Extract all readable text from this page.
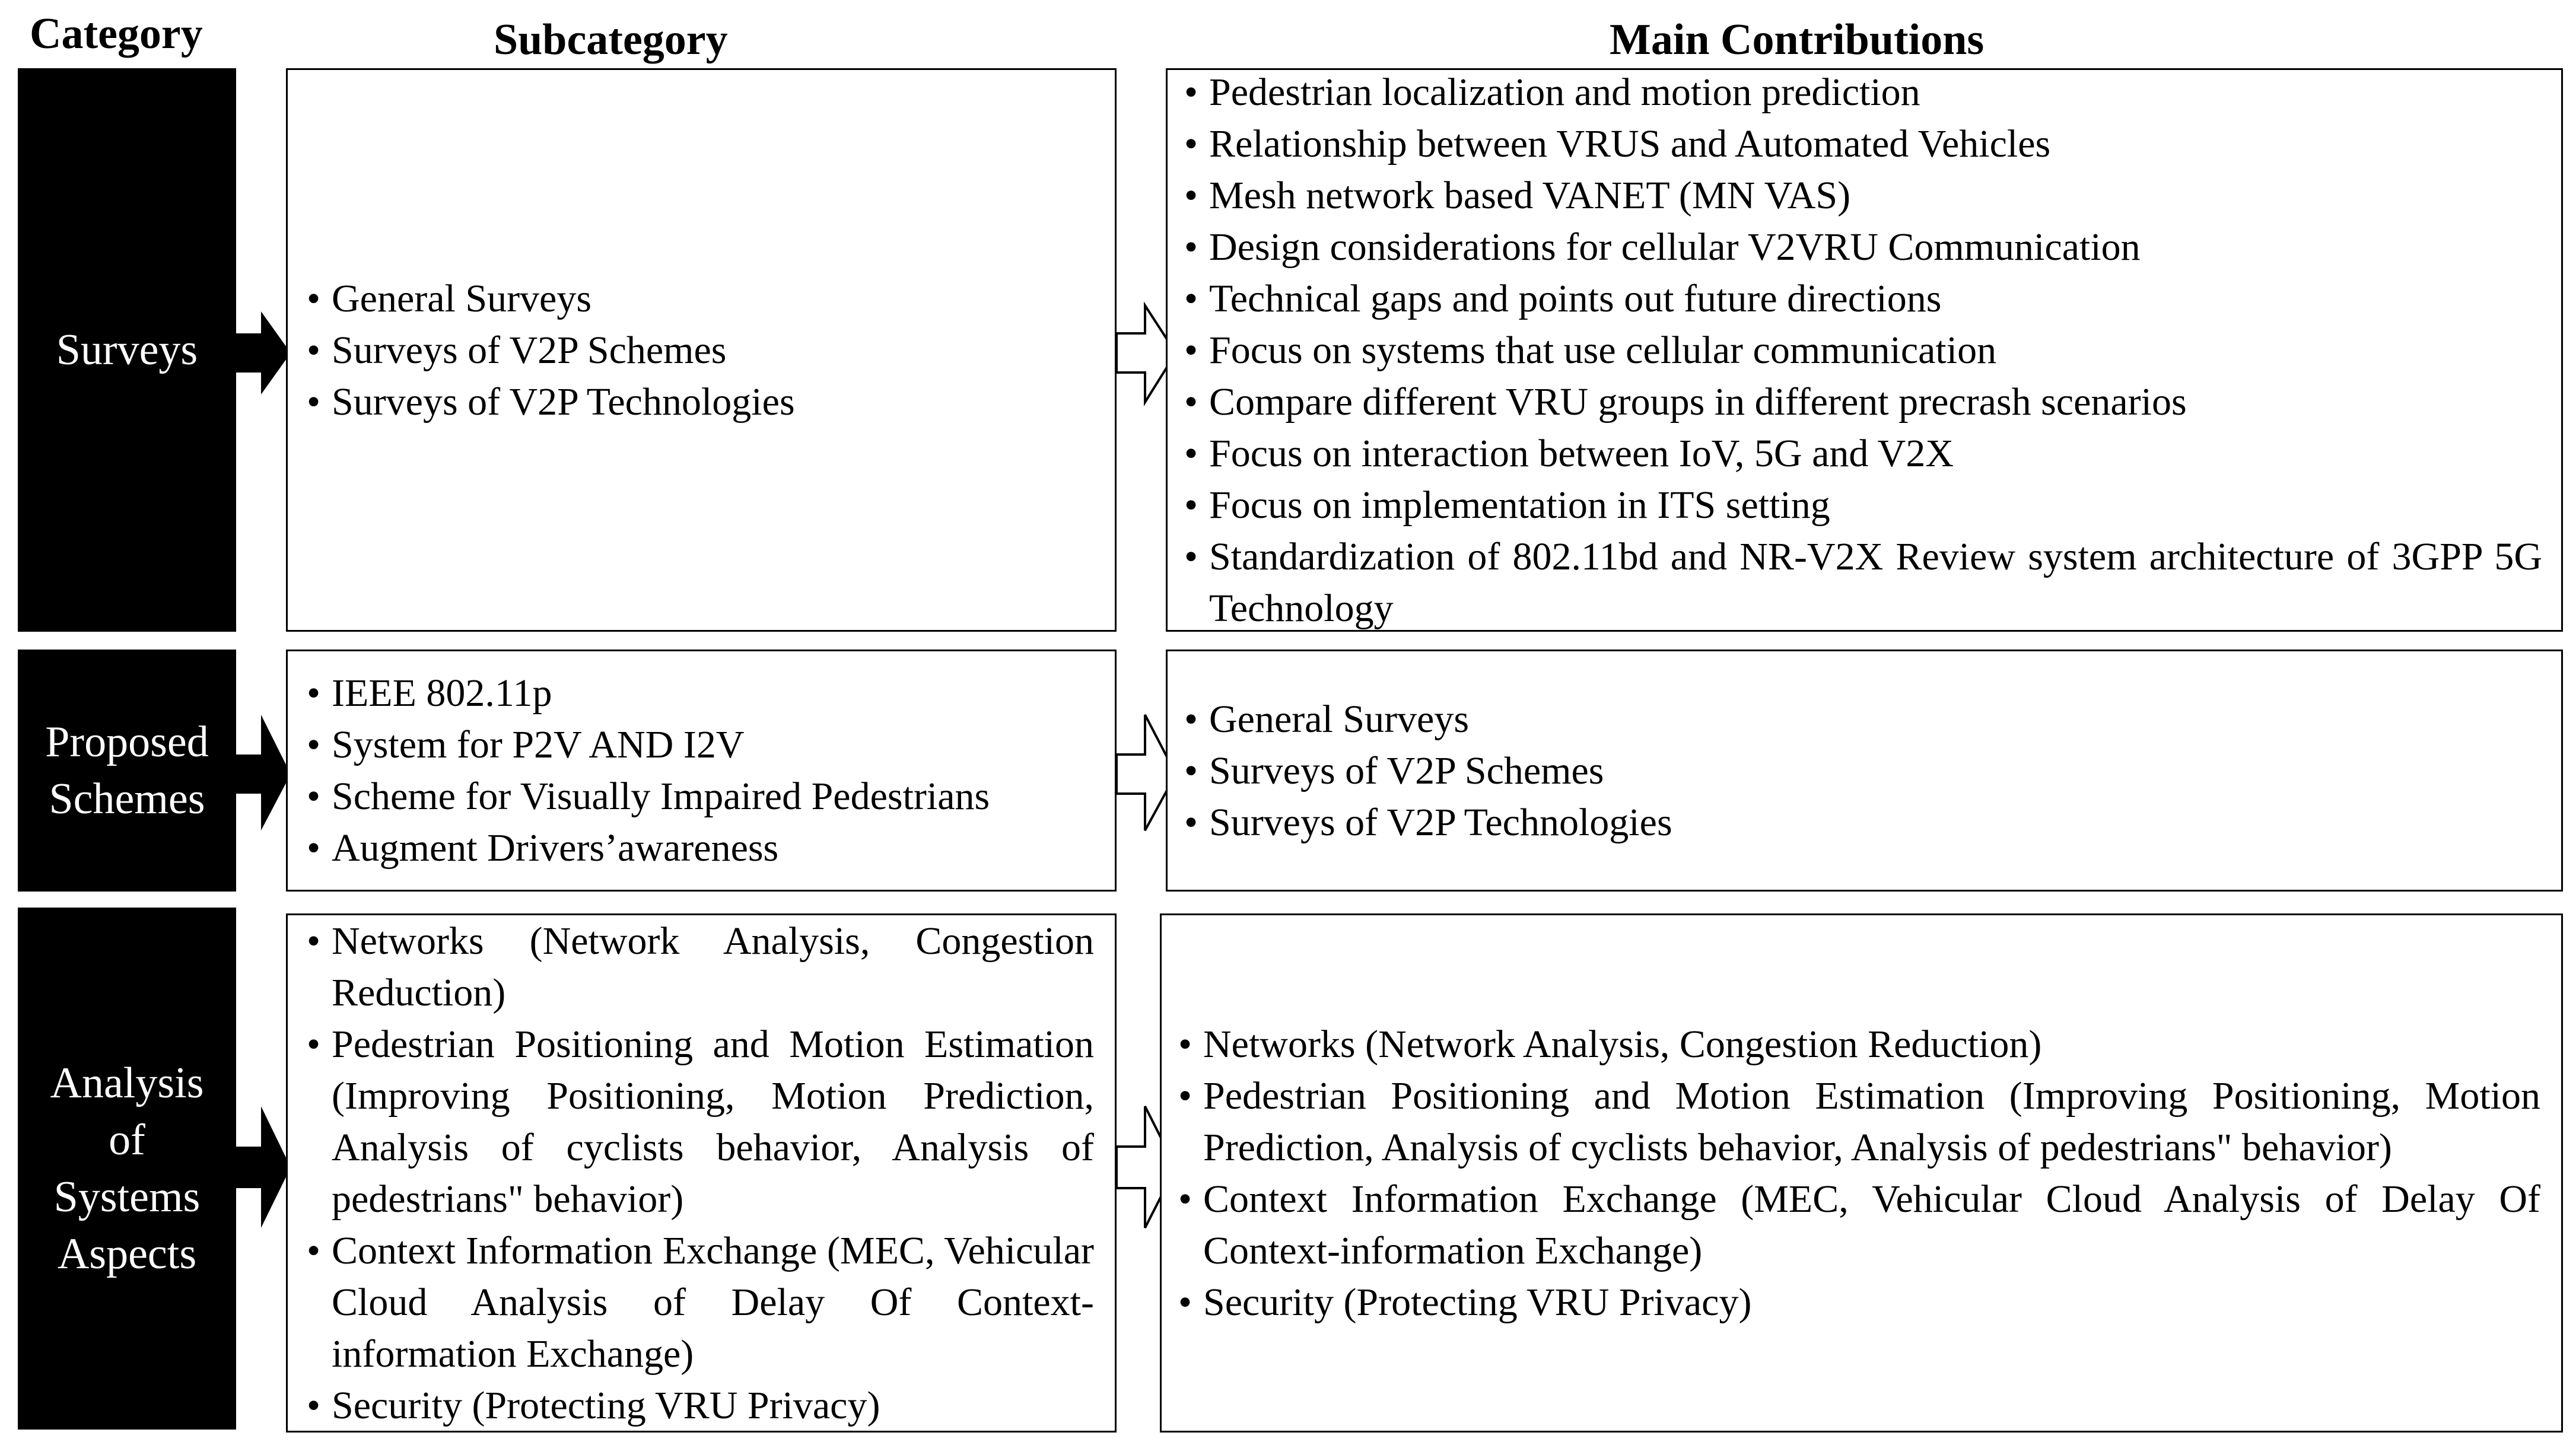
Category	Subcategory	Main Contributions
Surveys
• General Surveys
• Surveys of V2P Schemes
• Surveys of V2P Technologies
• Pedestrian localization and motion prediction
• Relationship between VRUS and Automated Vehicles
• Mesh network based VANET (MN VAS)
• Design considerations for cellular V2VRU Communication
• Technical gaps and points out future directions
• Focus on systems that use cellular communication
• Compare different VRU groups in different precrash scenarios
• Focus on interaction between IoV, 5G and V2X
• Focus on implementation in ITS setting
• Standardization of 802.11bd and NR-V2X Review system architecture of 3GPP 5G Technology
Proposed
Schemes
• IEEE 802.11p
• System for P2V AND I2V
• Scheme for Visually Impaired Pedestrians
• Augment Drivers’awareness
• General Surveys
• Surveys of V2P Schemes
• Surveys of V2P Technologies
Analysis
of
Systems
Aspects
• Networks (Network Analysis, Congestion Reduction)
• Pedestrian Positioning and Motion Estimation (Improving Positioning, Motion Prediction, Analysis of cyclists behavior, Analysis of pedestrians" behavior)
• Context Information Exchange (MEC, Vehicular Cloud Analysis of Delay Of Context-information Exchange)
• Security (Protecting VRU Privacy)
• Networks (Network Analysis, Congestion Reduction)
• Pedestrian Positioning and Motion Estimation (Improving Positioning, Motion Prediction, Analysis of cyclists behavior, Analysis of pedestrians" behavior)
• Context Information Exchange (MEC, Vehicular Cloud Analysis of Delay Of Context-information Exchange)
• Security (Protecting VRU Privacy)
